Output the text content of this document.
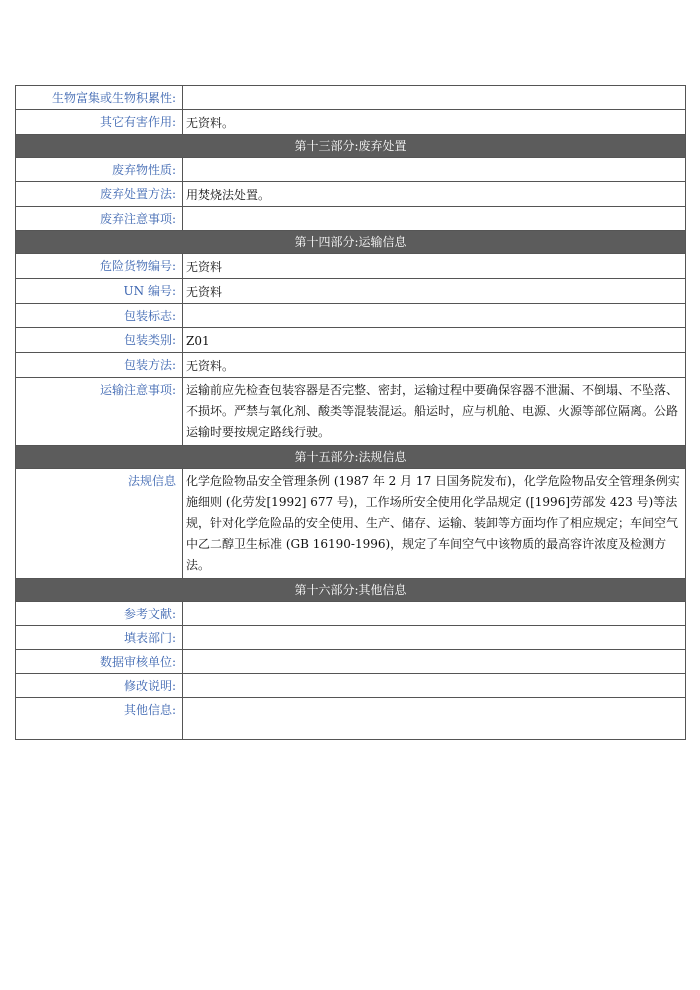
生物富集或生物积累性:	
其它有害作用:	无资料。
第十三部分:废弃处置	
废弃物性质:	
废弃处置方法:	用焚烧法处置。
废弃注意事项:	
第十四部分:运输信息	
危险货物编号:	无资料
UN 编号:	无资料
包装标志:	
包装类别:	Z01
包装方法:	无资料。
运输注意事项:	运输前应先检查包装容器是否完整、密封，运输过程中要确保容器不泄漏、不倒塌、不坠落、不损坏。严禁与氧化剂、酸类等混装混运。船运时，应与机舱、电源、火源等部位隔离。公路运输时要按规定路线行驶。
第十五部分:法规信息	
法规信息	化学危险物品安全管理条例 (1987 年 2 月 17 日国务院发布)，化学危险物品安全管理条例实施细则 (化劳发[1992] 677 号)，工作场所安全使用化学品规定 ([1996]劳部发 423 号)等法规，针对化学危险品的安全使用、生产、储存、运输、装卸等方面均作了相应规定；车间空气中乙二醇卫生标准 (GB 16190-1996)，规定了车间空气中该物质的最高容许浓度及检测方法。
第十六部分:其他信息	
参考文献:	
填表部门:	
数据审核单位:	
修改说明:	
其他信息:	
